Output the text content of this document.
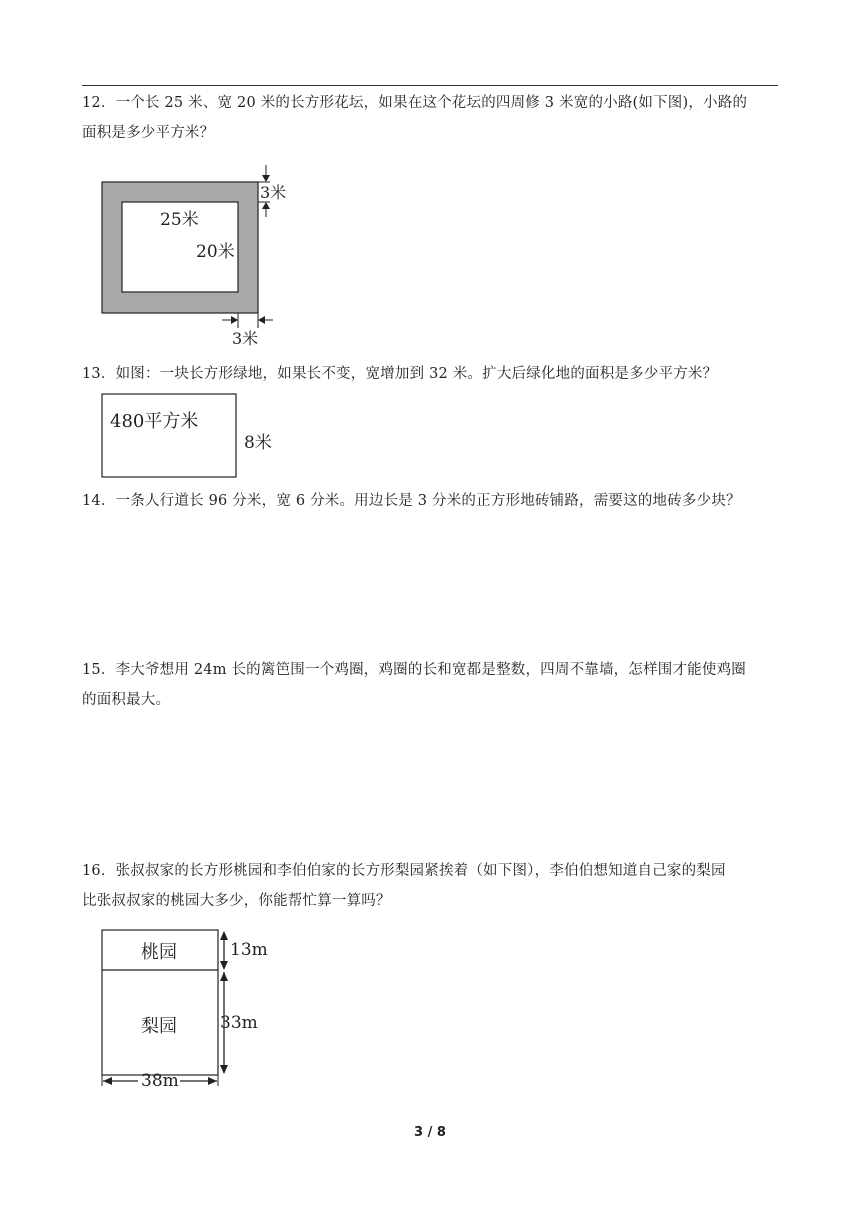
12．一个长 25 米、宽 20 米的长方形花坛，如果在这个花坛的四周修 3 米宽的小路(如下图)，小路的
面积是多少平方米？
25米
20米
3米
3米
13．如图：一块长方形绿地，如果长不变，宽增加到 32 米。扩大后绿化地的面积是多少平方米？
480平方米
8米
14．一条人行道长 96 分米，宽 6 分米。用边长是 3 分米的正方形地砖铺路，需要这的地砖多少块？
15．李大爷想用 24m 长的篱笆围一个鸡圈，鸡圈的长和宽都是整数，四周不靠墙，怎样围才能使鸡圈
的面积最大。
16．张叔叔家的长方形桃园和李伯伯家的长方形梨园紧挨着（如下图），李伯伯想知道自己家的梨园
比张叔叔家的桃园大多少，你能帮忙算一算吗？
桃园
梨园
13m
33m
38m
3 / 8
